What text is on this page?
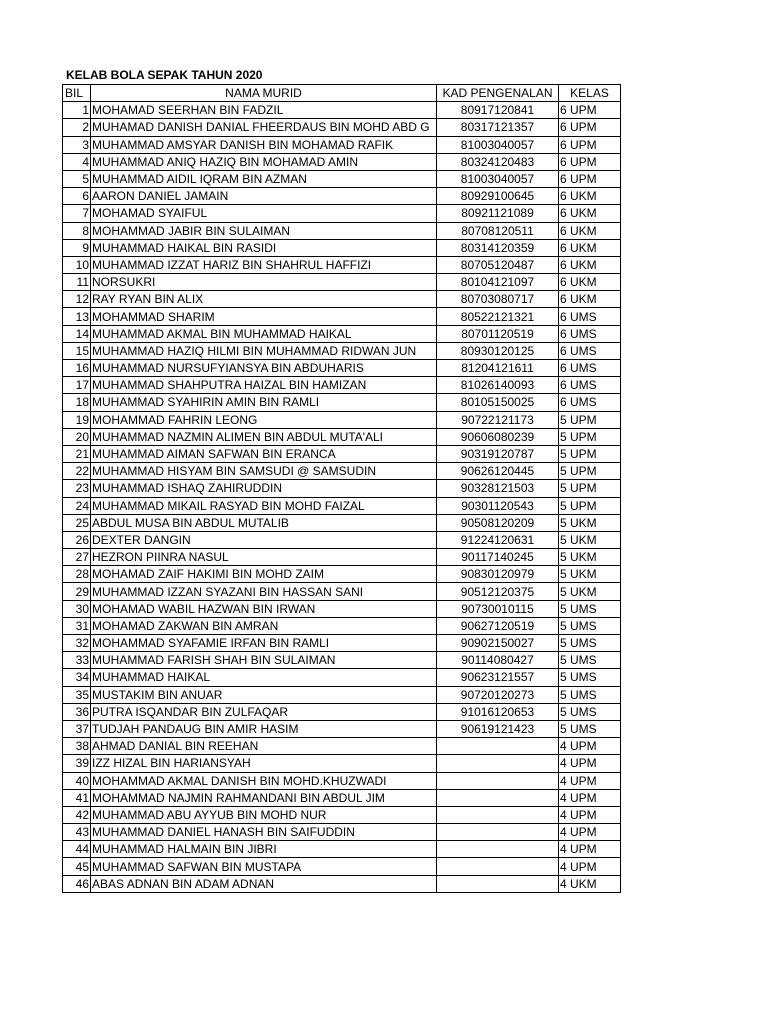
KELAB BOLA SEPAK TAHUN 2020
BIL	NAMA MURID	KAD PENGENALAN	KELAS
1	MOHAMAD SEERHAN BIN FADZIL	80917120841	6 UPM
2	MUHAMAD DANISH DANIAL FHEERDAUS BIN MOHD ABD G	80317121357	6 UPM
3	MUHAMMAD AMSYAR DANISH BIN MOHAMAD RAFIK	81003040057	6 UPM
4	MUHAMMAD ANIQ HAZIQ BIN MOHAMAD AMIN	80324120483	6 UPM
5	MUHAMMAD AIDIL IQRAM BIN AZMAN	81003040057	6 UPM
6	AARON DANIEL JAMAIN	80929100645	6 UKM
7	MOHAMAD SYAIFUL	80921121089	6 UKM
8	MOHAMMAD JABIR BIN SULAIMAN	80708120511	6 UKM
9	MUHAMMAD HAIKAL BIN RASIDI	80314120359	6 UKM
10	MUHAMMAD IZZAT HARIZ BIN SHAHRUL HAFFIZI	80705120487	6 UKM
11	NORSUKRI	80104121097	6 UKM
12	RAY RYAN BIN ALIX	80703080717	6 UKM
13	MOHAMMAD SHARIM	80522121321	6 UMS
14	MUHAMMAD AKMAL BIN MUHAMMAD HAIKAL	80701120519	6 UMS
15	MUHAMMAD HAZIQ HILMI BIN MUHAMMAD RIDWAN JUN	80930120125	6 UMS
16	MUHAMMAD NURSUFYIANSYA BIN ABDUHARIS	81204121611	6 UMS
17	MUHAMMAD SHAHPUTRA HAIZAL BIN HAMIZAN	81026140093	6 UMS
18	MUHAMMAD SYAHIRIN AMIN BIN RAMLI	80105150025	6 UMS
19	MOHAMMAD FAHRIN LEONG	90722121173	5 UPM
20	MUHAMMAD NAZMIN ALIMEN BIN ABDUL MUTA'ALI	90606080239	5 UPM
21	MUHAMMAD AIMAN SAFWAN BIN ERANCA	90319120787	5 UPM
22	MUHAMMAD HISYAM BIN SAMSUDI @ SAMSUDIN	90626120445	5 UPM
23	MUHAMMAD ISHAQ ZAHIRUDDIN	90328121503	5 UPM
24	MUHAMMAD MIKAIL RASYAD BIN MOHD FAIZAL	90301120543	5 UPM
25	ABDUL MUSA BIN ABDUL MUTALIB	90508120209	5 UKM
26	DEXTER DANGIN	91224120631	5 UKM
27	HEZRON PIINRA NASUL	90117140245	5 UKM
28	MOHAMAD ZAIF HAKIMI BIN MOHD ZAIM	90830120979	5 UKM
29	MUHAMMAD IZZAN SYAZANI BIN HASSAN SANI	90512120375	5 UKM
30	MOHAMAD WABIL HAZWAN BIN IRWAN	90730010115	5 UMS
31	MOHAMAD ZAKWAN BIN AMRAN	90627120519	5 UMS
32	MOHAMMAD SYAFAMIE IRFAN BIN RAMLI	90902150027	5 UMS
33	MUHAMMAD FARISH SHAH BIN SULAIMAN	90114080427	5 UMS
34	MUHAMMAD HAIKAL	90623121557	5 UMS
35	MUSTAKIM BIN ANUAR	90720120273	5 UMS
36	PUTRA ISQANDAR BIN ZULFAQAR	91016120653	5 UMS
37	TUDJAH PANDAUG BIN AMIR HASIM	90619121423	5 UMS
38	AHMAD DANIAL BIN REEHAN		4 UPM
39	IZZ HIZAL BIN HARIANSYAH		4 UPM
40	MOHAMMAD AKMAL DANISH BIN MOHD.KHUZWADI		4 UPM
41	MOHAMMAD NAJMIN RAHMANDANI BIN ABDUL JIM		4 UPM
42	MUHAMMAD ABU AYYUB BIN MOHD NUR		4 UPM
43	MUHAMMAD DANIEL HANASH BIN SAIFUDDIN		4 UPM
44	MUHAMMAD HALMAIN BIN JIBRI		4 UPM
45	MUHAMMAD SAFWAN BIN MUSTAPA		4 UPM
46	ABAS ADNAN BIN ADAM ADNAN		4 UKM
